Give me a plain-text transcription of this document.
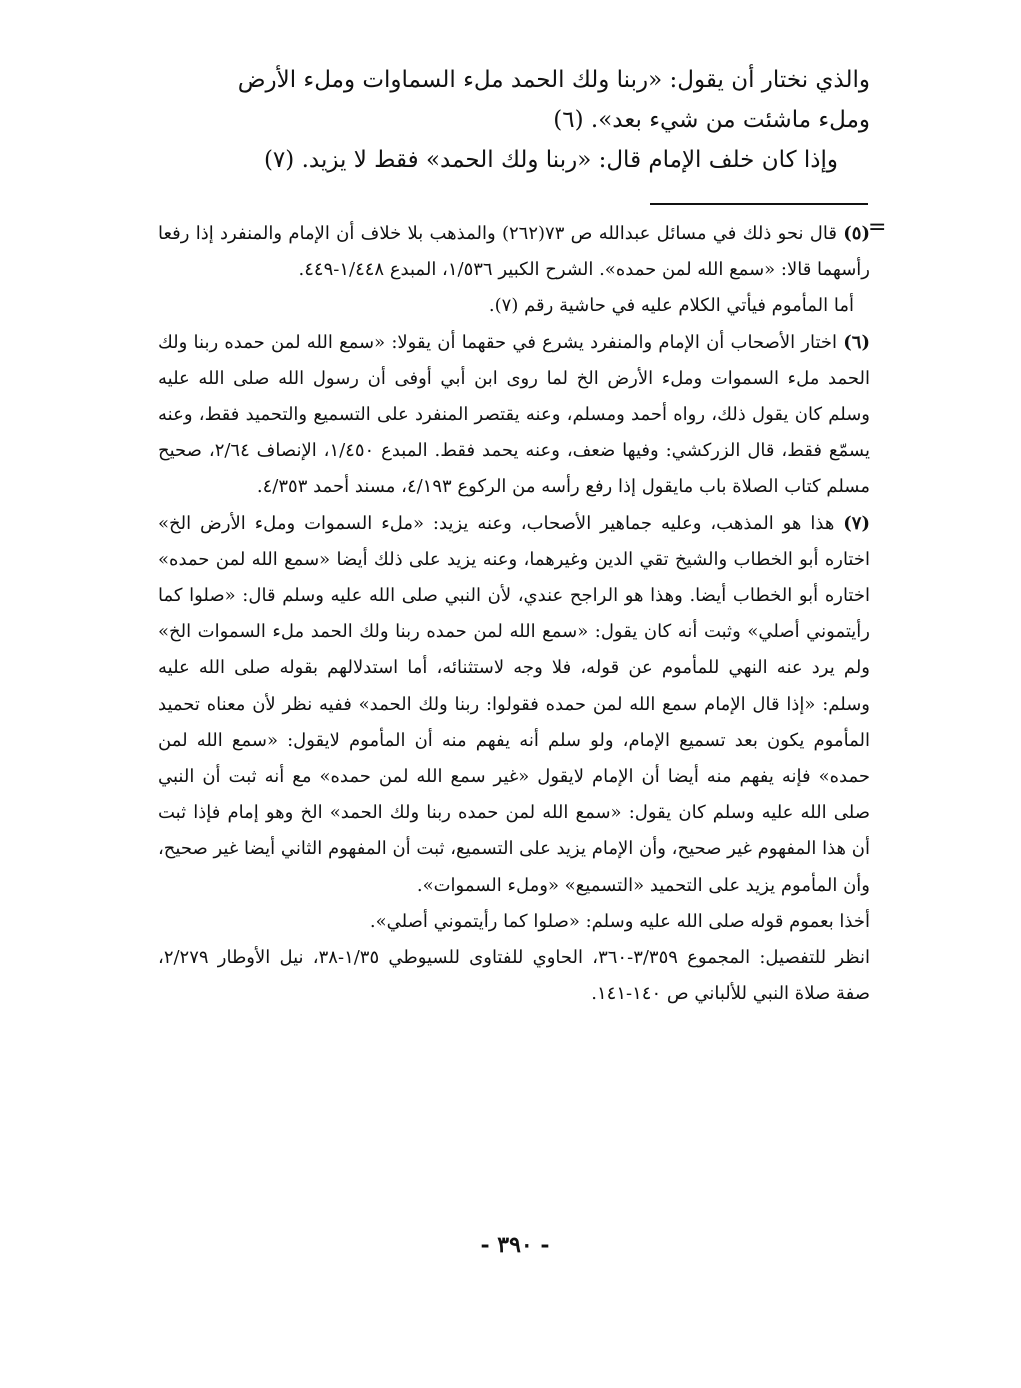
والذي نختار أن يقول: «ربنا ولك الحمد ملء السماوات وملء الأرض

وملء ماشئت من شيء بعد». (٦)

وإذا كان خلف الإمام قال: «ربنا ولك الحمد» فقط لا يزيد. (٧)

=

(٥) قال نحو ذلك في مسائل عبدالله ص ٧٣(٢٦٢) والمذهب بلا خلاف أن الإمام والمنفرد إذا رفعا رأسهما قالا: «سمع الله لمن حمده». الشرح الكبير ١/٥٣٦، المبدع ١/٤٤٨-٤٤٩.

أما المأموم فيأتي الكلام عليه في حاشية رقم (٧).

(٦) اختار الأصحاب أن الإمام والمنفرد يشرع في حقهما أن يقولا: «سمع الله لمن حمده ربنا ولك الحمد ملء السموات وملء الأرض الخ لما روى ابن أبي أوفى أن رسول الله صلى الله عليه وسلم كان يقول ذلك، رواه أحمد ومسلم، وعنه يقتصر المنفرد على التسميع والتحميد فقط، وعنه يسمّع فقط، قال الزركشي: وفيها ضعف، وعنه يحمد فقط. المبدع ١/٤٥٠، الإنصاف ٢/٦٤، صحيح مسلم كتاب الصلاة باب مايقول إذا رفع رأسه من الركوع ٤/١٩٣، مسند أحمد ٤/٣٥٣.

(٧) هذا هو المذهب، وعليه جماهير الأصحاب، وعنه يزيد: «ملء السموات وملء الأرض الخ» اختاره أبو الخطاب والشيخ تقي الدين وغيرهما، وعنه يزيد على ذلك أيضا «سمع الله لمن حمده» اختاره أبو الخطاب أيضا. وهذا هو الراجح عندي، لأن النبي صلى الله عليه وسلم قال: «صلوا كما رأيتموني أصلي» وثبت أنه كان يقول: «سمع الله لمن حمده ربنا ولك الحمد ملء السموات الخ» ولم يرد عنه النهي للمأموم عن قوله، فلا وجه لاستثنائه، أما استدلالهم بقوله صلى الله عليه وسلم: «إذا قال الإمام سمع الله لمن حمده فقولوا: ربنا ولك الحمد» ففيه نظر لأن معناه تحميد المأموم يكون بعد تسميع الإمام، ولو سلم أنه يفهم منه أن المأموم لايقول: «سمع الله لمن حمده» فإنه يفهم منه أيضا أن الإمام لايقول «غير سمع الله لمن حمده» مع أنه ثبت أن النبي صلى الله عليه وسلم كان يقول: «سمع الله لمن حمده ربنا ولك الحمد» الخ وهو إمام فإذا ثبت أن هذا المفهوم غير صحيح، وأن الإمام يزيد على التسميع، ثبت أن المفهوم الثاني أيضا غير صحيح، وأن المأموم يزيد على التحميد «التسميع» «وملء السموات».

أخذا بعموم قوله صلى الله عليه وسلم: «صلوا كما رأيتموني أصلي».

انظر للتفصيل: المجموع ٣/٣٥٩-٣٦٠، الحاوي للفتاوى للسيوطي ١/٣٥-٣٨، نيل الأوطار ٢/٢٧٩، صفة صلاة النبي للألباني ص ١٤٠-١٤١.

- ٣٩٠ -
